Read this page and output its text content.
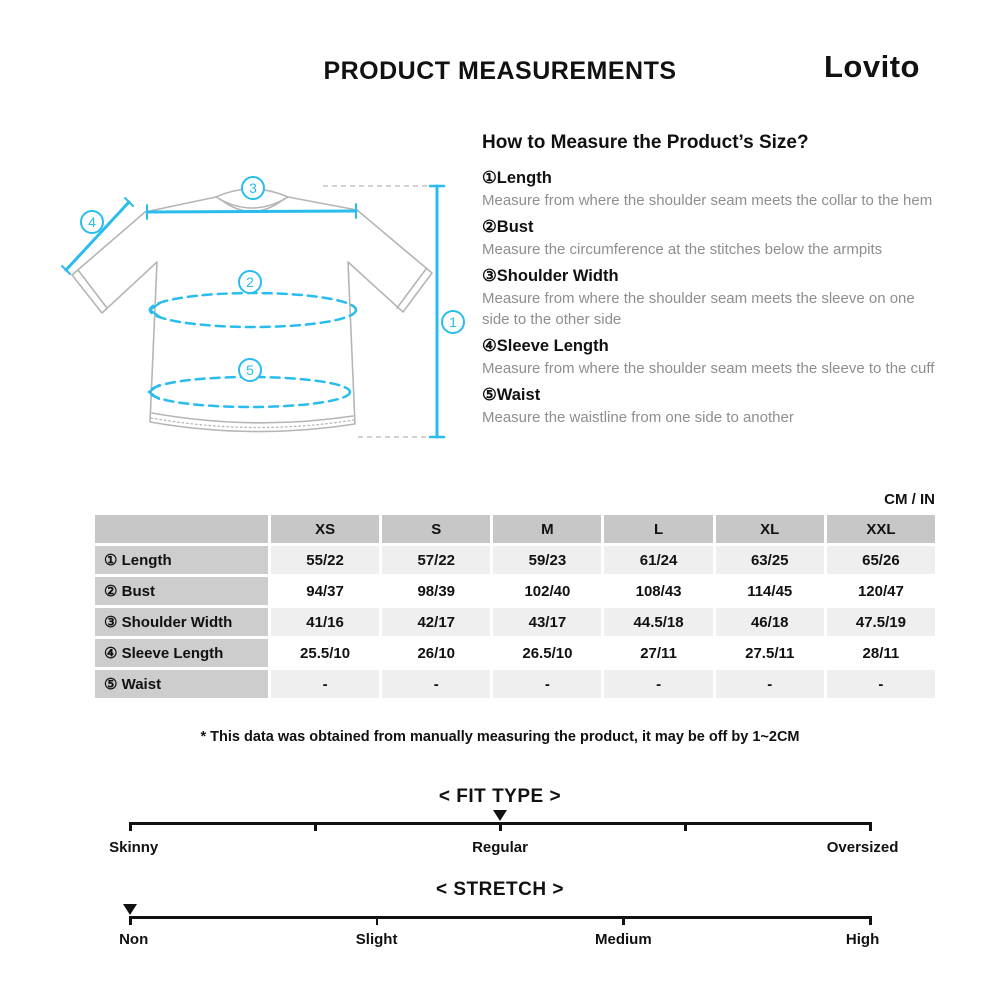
PRODUCT MEASUREMENTS	Lovito
3
4
2
1
5
How to Measure the Product’s Size?
①Length
Measure from where the shoulder seam meets the collar to the hem
②Bust
Measure the circumference at the stitches below the armpits
③Shoulder Width
Measure from where the shoulder seam meets the sleeve on one side to the other side
④Sleeve Length
Measure from where the shoulder seam meets the sleeve to the cuff
⑤Waist
Measure the waistline from one side to another
CM / IN
XS	S	M	L	XL	XXL
① Length	55/22	57/22	59/23	61/24	63/25	65/26
② Bust	94/37	98/39	102/40	108/43	114/45	120/47
③ Shoulder Width	41/16	42/17	43/17	44.5/18	46/18	47.5/19
④ Sleeve Length	25.5/10	26/10	26.5/10	27/11	27.5/11	28/11
⑤ Waist	-	-	-	-	-	-
* This data was obtained from manually measuring the product, it may be off by 1~2CM
< FIT TYPE >
Skinny	Regular	Oversized
< STRETCH >
Non	Slight	Medium	High
